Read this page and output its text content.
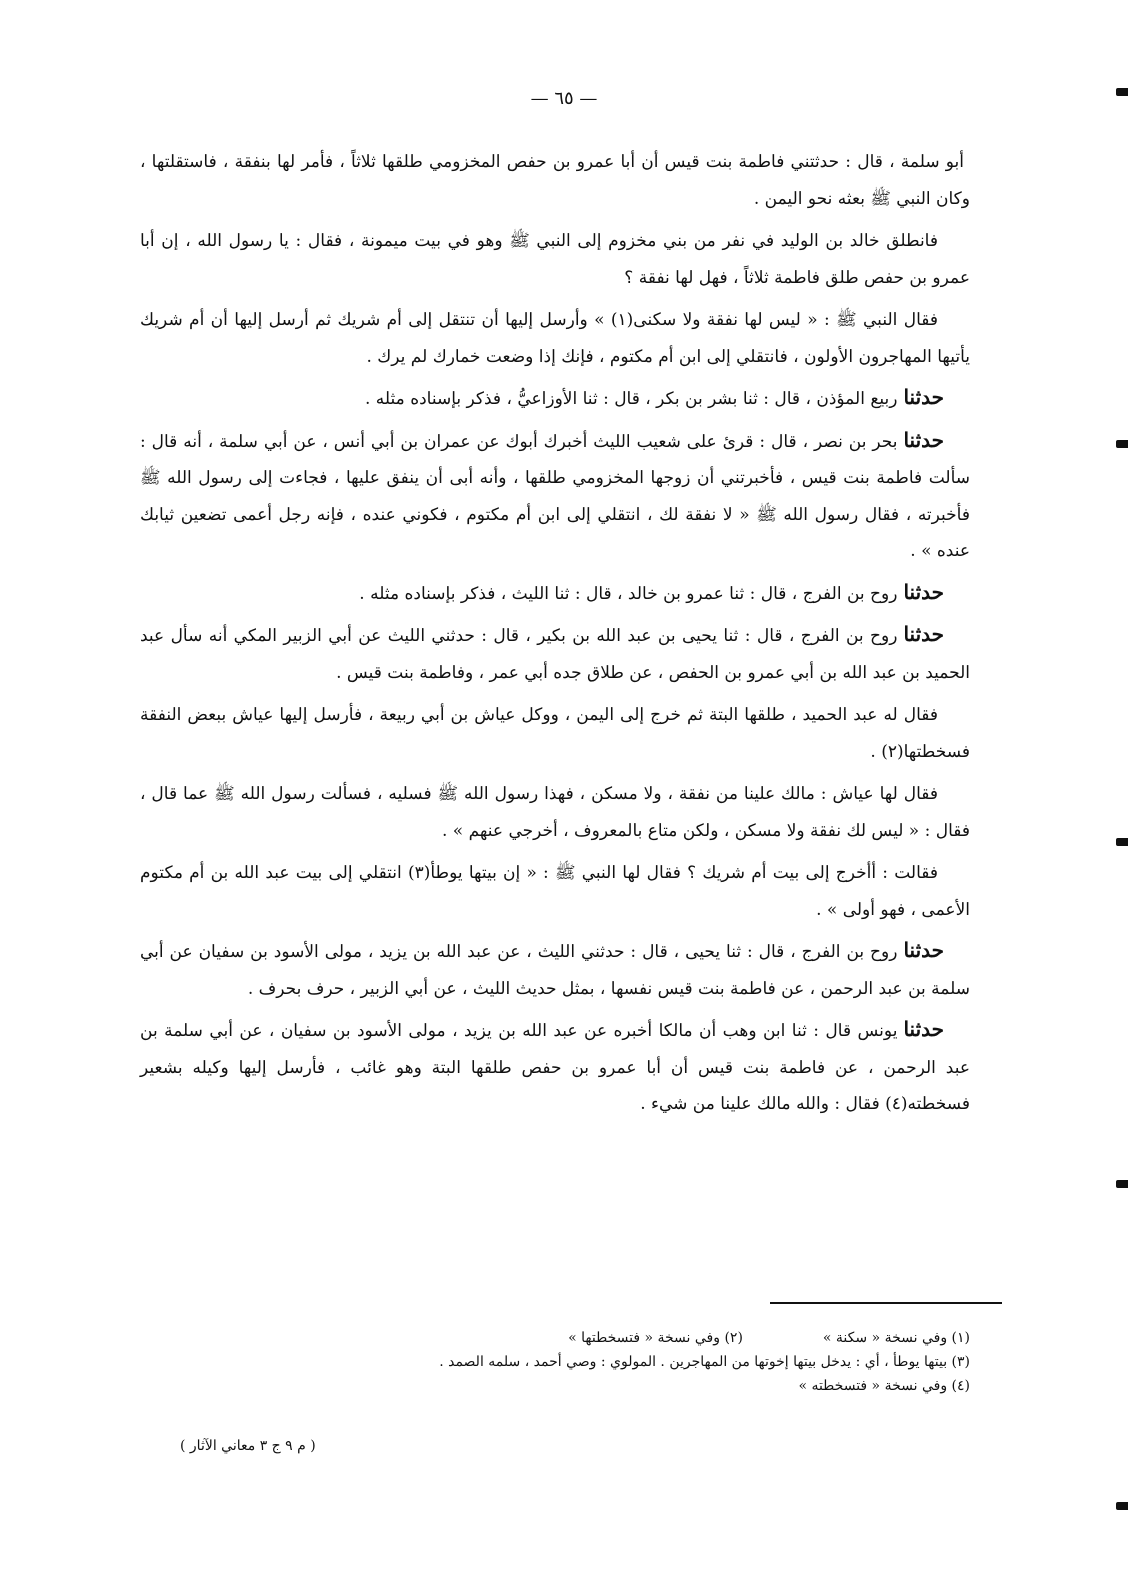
— ٦٥ —

أبو سلمة ، قال : حدثتني فاطمة بنت قيس أن أبا عمرو بن حفص المخزومي طلقها ثلاثاً ، فأمر لها بنفقة ، فاستقلتها ، وكان النبي ﷺ بعثه نحو اليمن .

فانطلق خالد بن الوليد في نفر من بني مخزوم إلى النبي ﷺ وهو في بيت ميمونة ، فقال : يا رسول الله ، إن أبا عمرو بن حفص طلق فاطمة ثلاثاً ، فهل لها نفقة ؟

فقال النبي ﷺ : « ليس لها نفقة ولا سكنى(١) » وأرسل إليها أن تنتقل إلى أم شريك ثم أرسل إليها أن أم شريك يأتيها المهاجرون الأولون ، فانتقلي إلى ابن أم مكتوم ، فإنك إذا وضعت خمارك لم يرك .

حدثناربيع المؤذن ، قال : ثنا بشر بن بكر ، قال : ثنا الأوزاعيُّ ، فذكر بإسناده مثله .

حدثنابحر بن نصر ، قال : قرئ على شعيب الليث أخبرك أبوك عن عمران بن أبي أنس ، عن أبي سلمة ، أنه قال : سألت فاطمة بنت قيس ، فأخبرتني أن زوجها المخزومي طلقها ، وأنه أبى أن ينفق عليها ، فجاءت إلى رسول الله ﷺ فأخبرته ، فقال رسول الله ﷺ « لا نفقة لك ، انتقلي إلى ابن أم مكتوم ، فكوني عنده ، فإنه رجل أعمى تضعين ثيابك عنده » .

حدثناروح بن الفرج ، قال : ثنا عمرو بن خالد ، قال : ثنا الليث ، فذكر بإسناده مثله .

حدثناروح بن الفرج ، قال : ثنا يحيى بن عبد الله بن بكير ، قال : حدثني الليث عن أبي الزبير المكي أنه سأل عبد الحميد بن عبد الله بن أبي عمرو بن الحفص ، عن طلاق جده أبي عمر ، وفاطمة بنت قيس .

فقال له عبد الحميد ، طلقها البتة ثم خرج إلى اليمن ، ووكل عياش بن أبي ربيعة ، فأرسل إليها عياش ببعض النفقة فسخطتها(٢) .

فقال لها عياش : مالك علينا من نفقة ، ولا مسكن ، فهذا رسول الله ﷺ فسليه ، فسألت رسول الله ﷺ عما قال ، فقال : « ليس لك نفقة ولا مسكن ، ولكن متاع بالمعروف ، أخرجي عنهم » .

فقالت : أأخرج إلى بيت أم شريك ؟ فقال لها النبي ﷺ : « إن بيتها يوطأ(٣) انتقلي إلى بيت عبد الله بن أم مكتوم الأعمى ، فهو أولى » .

حدثناروح بن الفرج ، قال : ثنا يحيى ، قال : حدثني الليث ، عن عبد الله بن يزيد ، مولى الأسود بن سفيان عن أبي سلمة بن عبد الرحمن ، عن فاطمة بنت قيس نفسها ، بمثل حديث الليث ، عن أبي الزبير ، حرف بحرف .

حدثنايونس قال : ثنا ابن وهب أن مالكا أخبره عن عبد الله بن يزيد ، مولى الأسود بن سفيان ، عن أبي سلمة بن عبد الرحمن ، عن فاطمة بنت قيس أن أبا عمرو بن حفص طلقها البتة وهو غائب ، فأرسل إليها وكيله بشعير فسخطته(٤) فقال : والله مالك علينا من شيء .

(١) وفي نسخة « سكنة »
(٢) وفي نسخة « فتسخطتها »
(٣) بيتها يوطأ ، أي : يدخل بيتها إخوتها من المهاجرين . المولوي : وصي أحمد ، سلمه الصمد .
(٤) وفي نسخة « فتسخطته »
( م ٩ ج ٣ معاني الآثار )
